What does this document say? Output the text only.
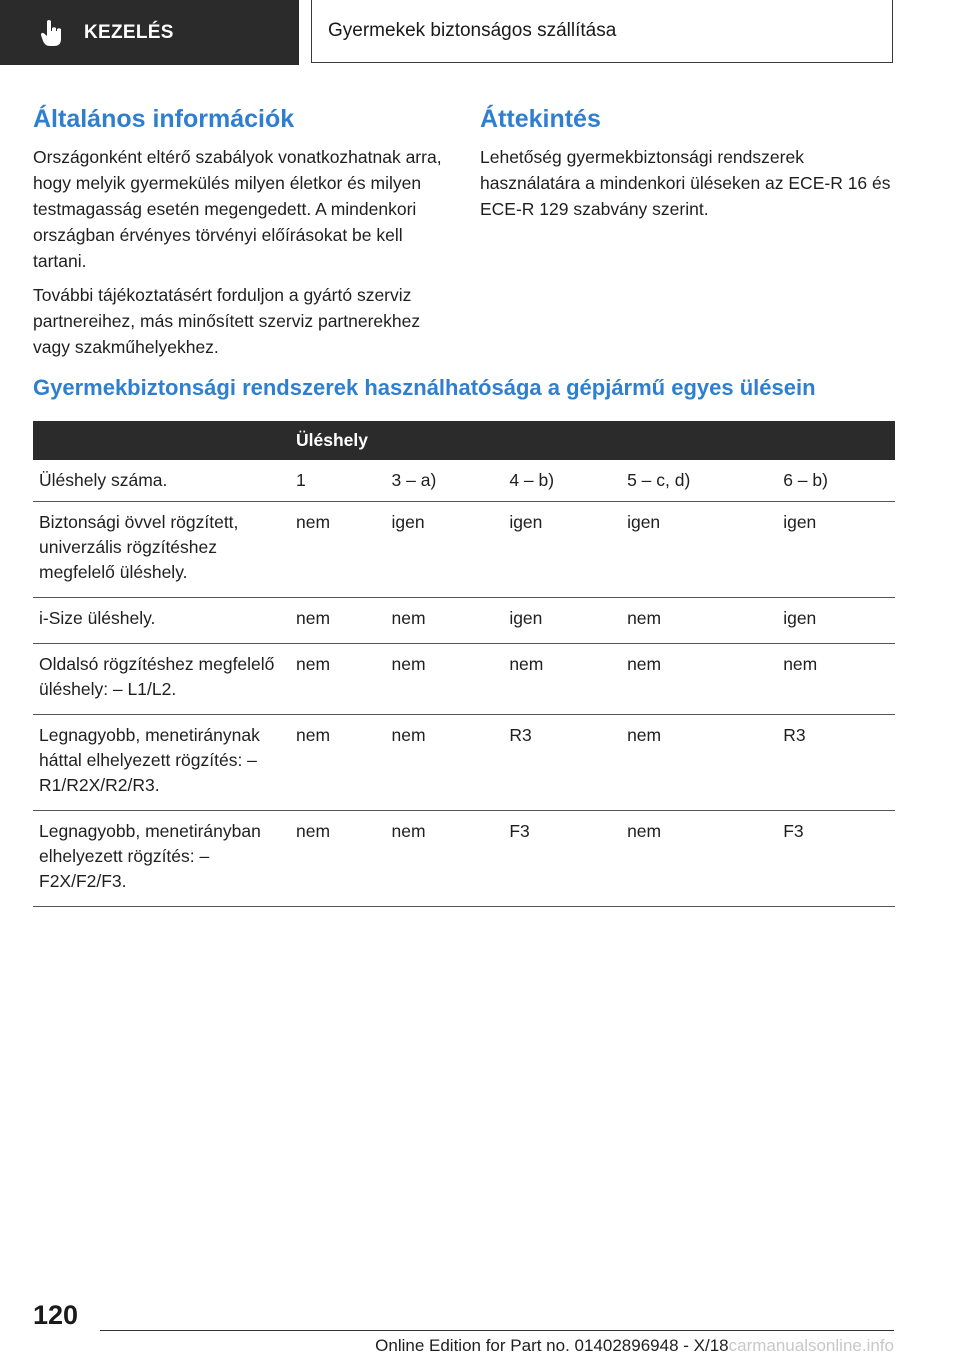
KEZELÉS	Gyermekek biztonságos szállítása
Általános információk

Országonként eltérő szabályok vonatkozhatnak arra, hogy melyik gyermekülés milyen életkor és milyen testmagasság esetén megengedett. A mindenkori országban érvényes törvényi előírásokat be kell tartani.

További tájékoztatásért forduljon a gyártó szerviz partnereihez, más minősített szerviz partnerekhez vagy szakműhelyekhez.

Áttekintés

Lehetőség gyermekbiztonsági rendszerek használatára a mindenkori üléseken az ECE-R 16 és ECE-R 129 szabvány szerint.

Gyermekbiztonsági rendszerek használhatósága a gépjármű egyes ülésein
	Üléshely				
Üléshely száma.	1	3 – a)	4 – b)	5 – c, d)	6 – b)
Biztonsági övvel rögzített, univerzális rögzítéshez megfelelő üléshely.	nem	igen	igen	igen	igen
i-Size üléshely.	nem	nem	igen	nem	igen
Oldalsó rögzítéshez megfelelő üléshely: – L1/L2.	nem	nem	nem	nem	nem
Legnagyobb, menetiránynak háttal elhelyezett rögzítés: – R1/R2X/R2/R3.	nem	nem	R3	nem	R3
Legnagyobb, menetirányban elhelyezett rögzítés: – F2X/F2/F3.	nem	nem	F3	nem	F3
120
Online Edition for Part no. 01402896948 - X/18carmanualsonline.info
